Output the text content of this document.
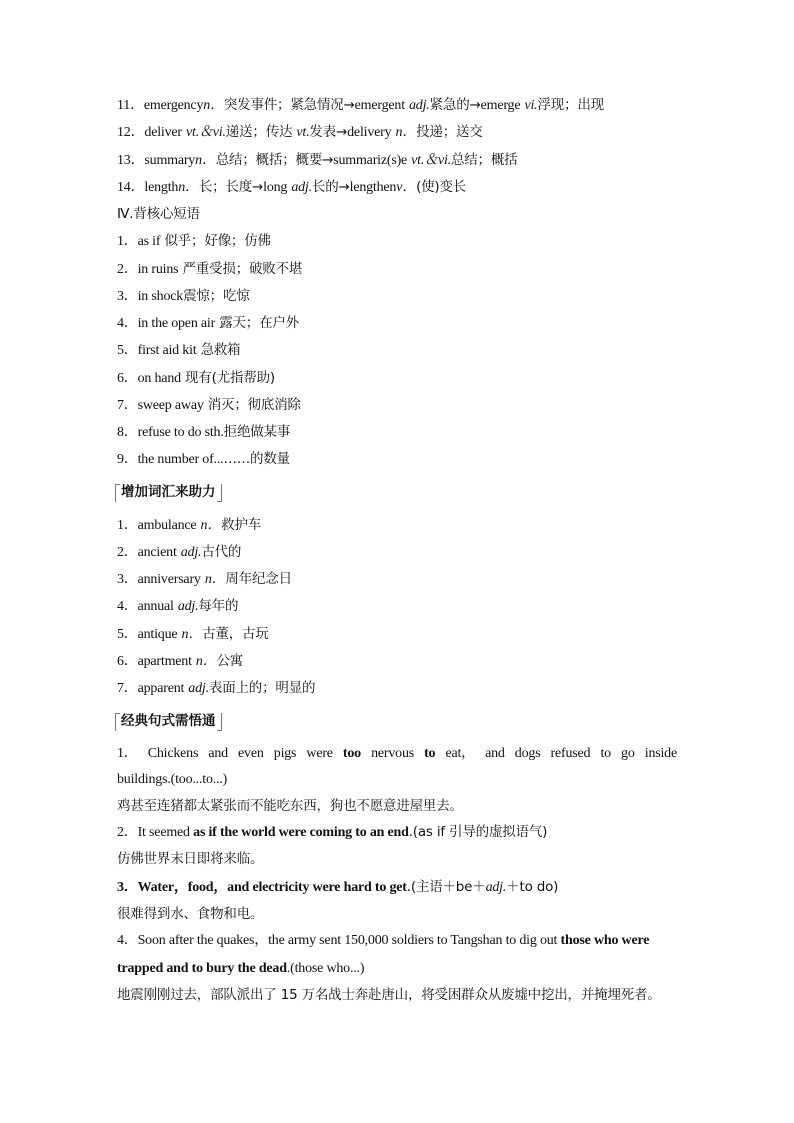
11．emergencyn．突发事件；紧急情况→emergent adj.紧急的→emerge vi.浮现；出现
12．deliver vt.＆vi.递送；传达 vt.发表→delivery n．投递；送交
13．summaryn．总结；概括；概要→summariz(s)e vt.＆vi.总结；概括
14．lengthn．长；长度→long adj.长的→lengthenv．(使)变长
Ⅳ.背核心短语
1．as if 似乎；好像；仿佛
2．in ruins 严重受损；破败不堪
3．in shock震惊；吃惊
4．in the open air 露天；在户外
5．first aid kit 急救箱
6．on hand 现有(尤指帮助)
7．sweep away 消灭；彻底消除
8．refuse to do sth.拒绝做某事
9．the number of...……的数量
增加词汇来助力
1．ambulance n．救护车
2．ancient adj.古代的
3．anniversary n．周年纪念日
4．annual adj.每年的
5．antique n．古董，古玩
6．apartment n．公寓
7．apparent adj.表面上的；明显的
经典句式需悟通
1． Chickens and even pigs were too nervous to eat， and dogs refused to go inside
buildings.(too...to...)
鸡甚至连猪都太紧张而不能吃东西，狗也不愿意进屋里去。
2．It seemed as if the world were coming to an end.(as if 引导的虚拟语气)
仿佛世界末日即将来临。
3．Water，food，and electricity were hard to get.(主语＋be＋adj.＋to do)
很难得到水、食物和电。
4．Soon after the quakes，the army sent 150,000 soldiers to Tangshan to dig out those who were
trapped and to bury the dead.(those who...)
地震刚刚过去，部队派出了 15 万名战士奔赴唐山，将受困群众从废墟中挖出，并掩埋死者。
